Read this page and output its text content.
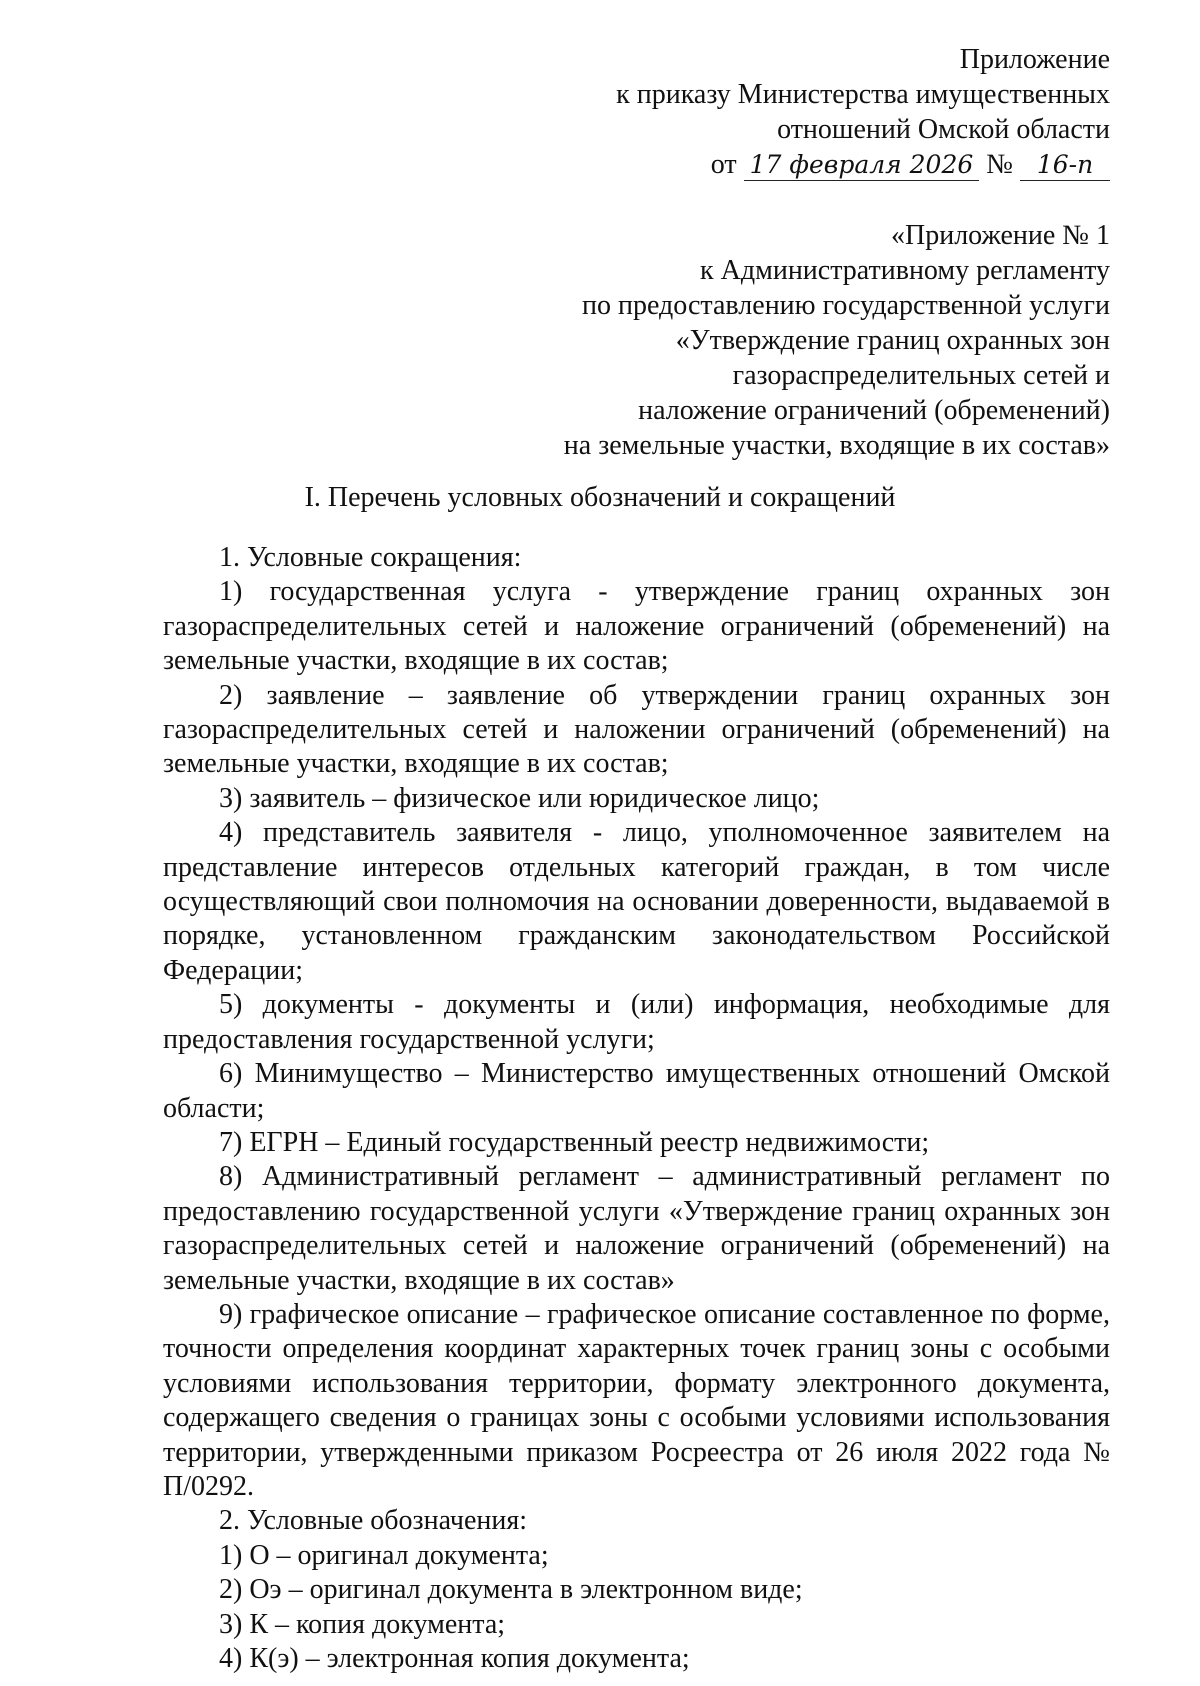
Приложение
к приказу Министерства имущественных
отношений Омской области
от 17 февраля 2026 № 16-п
«Приложение № 1
к Административному регламенту
по предоставлению государственной услуги
«Утверждение границ охранных зон
газораспределительных сетей и
наложение ограничений (обременений)
на земельные участки, входящие в их состав»
I. Перечень условных обозначений и сокращений

1. Условные сокращения:

1) государственная услуга - утверждение границ охранных зон газораспределительных сетей и наложение ограничений (обременений) на земельные участки, входящие в их состав;

2) заявление – заявление об утверждении границ охранных зон газораспределительных сетей и наложении ограничений (обременений) на земельные участки, входящие в их состав;

3) заявитель – физическое или юридическое лицо;

4) представитель заявителя - лицо, уполномоченное заявителем на представление интересов отдельных категорий граждан, в том числе осуществляющий свои полномочия на основании доверенности, выдаваемой в порядке, установленном гражданским законодательством Российской Федерации;

5) документы - документы и (или) информация, необходимые для предоставления государственной услуги;

6) Минимущество – Министерство имущественных отношений Омской области;

7) ЕГРН – Единый государственный реестр недвижимости;

8) Административный регламент – административный регламент по предоставлению государственной услуги «Утверждение границ охранных зон газораспределительных сетей и наложение ограничений (обременений) на земельные участки, входящие в их состав»

9) графическое описание – графическое описание составленное по форме, точности определения координат характерных точек границ зоны с особыми условиями использования территории, формату электронного документа, содержащего сведения о границах зоны с особыми условиями использования территории, утвержденными приказом Росреестра от 26 июля 2022 года № П/0292.

2. Условные обозначения:

1) О – оригинал документа;

2) Оэ – оригинал документа в электронном виде;

3) К – копия документа;

4) К(э) – электронная копия документа;
